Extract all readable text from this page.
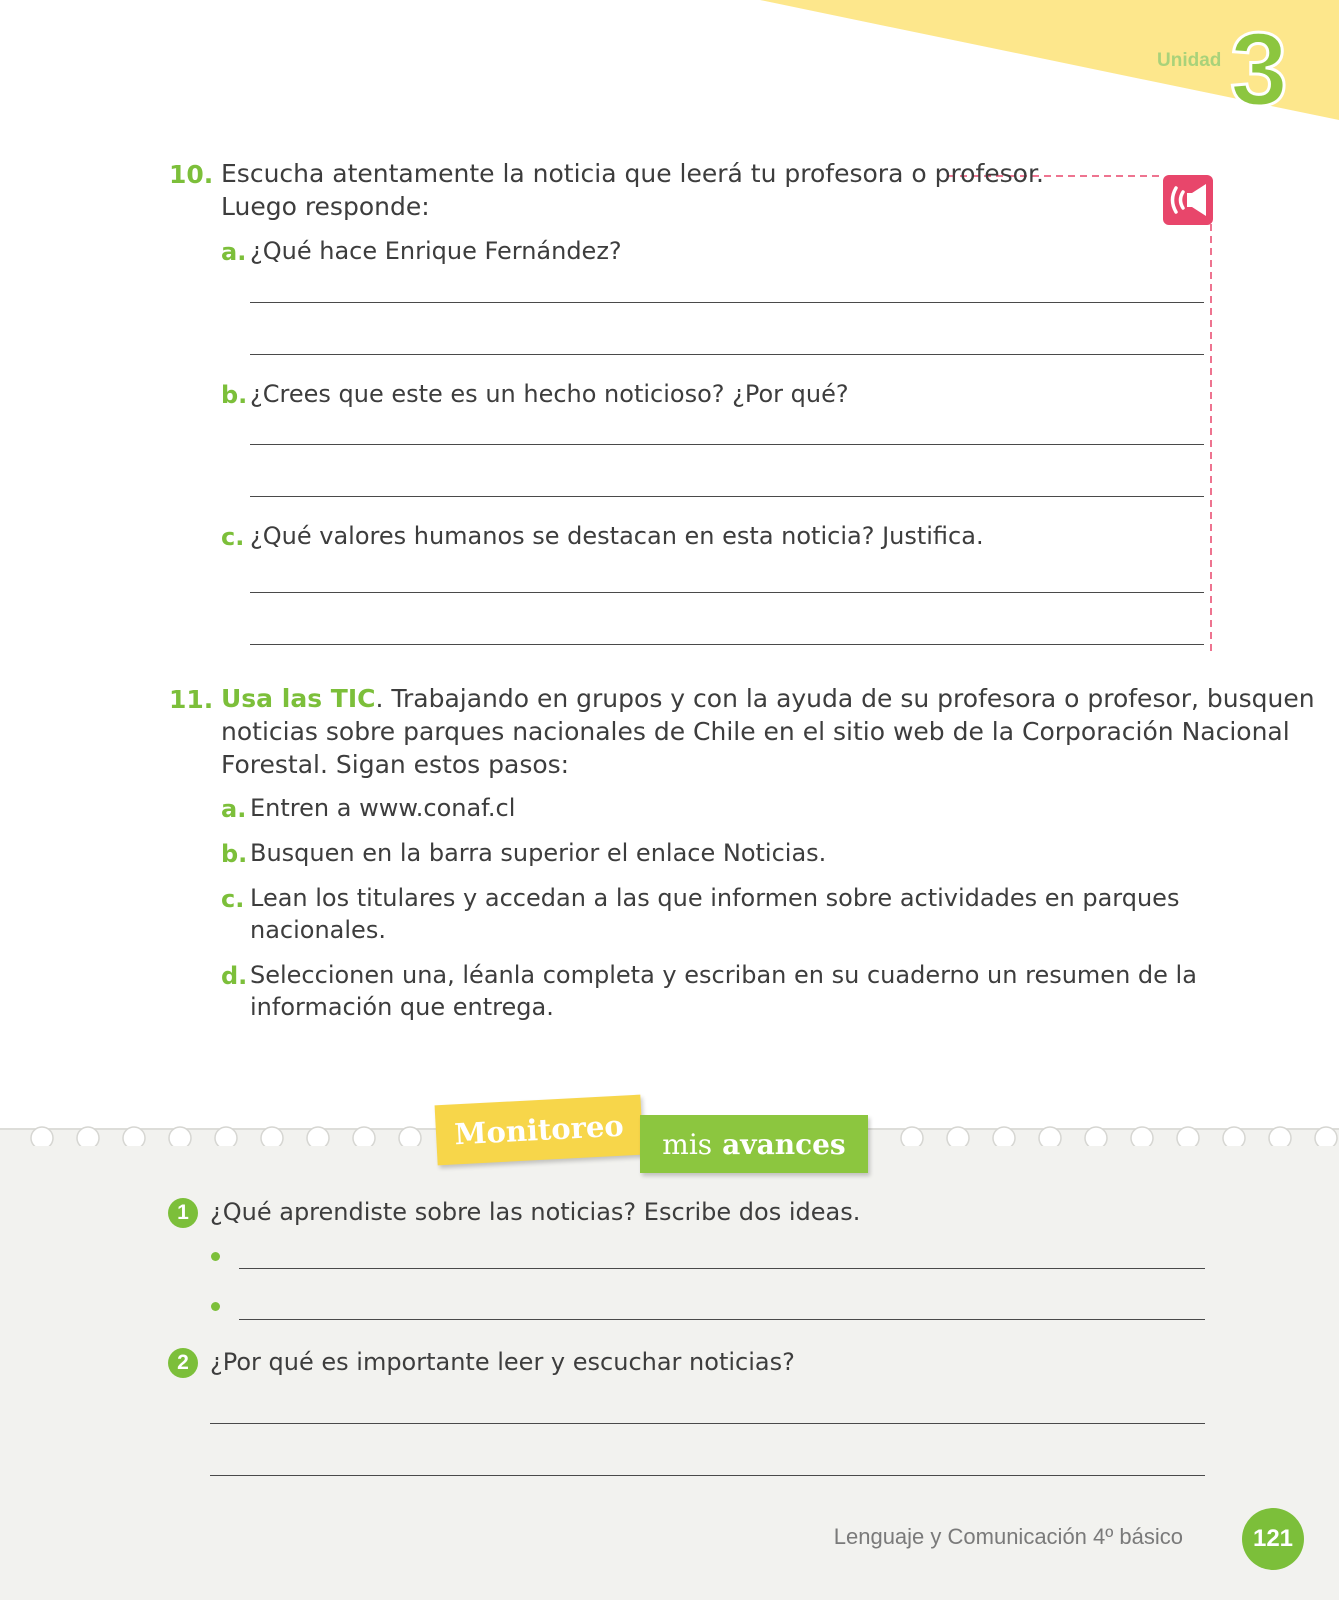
Unidad 3
10. Escucha atentamente la noticia que leerá tu profesora o profesor.
Luego responde:
a. ¿Qué hace Enrique Fernández?
b. ¿Crees que este es un hecho noticioso? ¿Por qué?
c. ¿Qué valores humanos se destacan en esta noticia? Justifica.
11. Usa las TIC. Trabajando en grupos y con la ayuda de su profesora o profesor, busquen
noticias sobre parques nacionales de Chile en el sitio web de la Corporación Nacional
Forestal. Sigan estos pasos:
a. Entren a www.conaf.cl
b. Busquen en la barra superior el enlace Noticias.
c. Lean los titulares y accedan a las que informen sobre actividades en parques
nacionales.
d. Seleccionen una, léanla completa y escriban en su cuaderno un resumen de la
información que entrega.
Monitoreo	mis avances
1 ¿Qué aprendiste sobre las noticias? Escribe dos ideas.
2 ¿Por qué es importante leer y escuchar noticias?
Lenguaje y Comunicación 4º básico	121
